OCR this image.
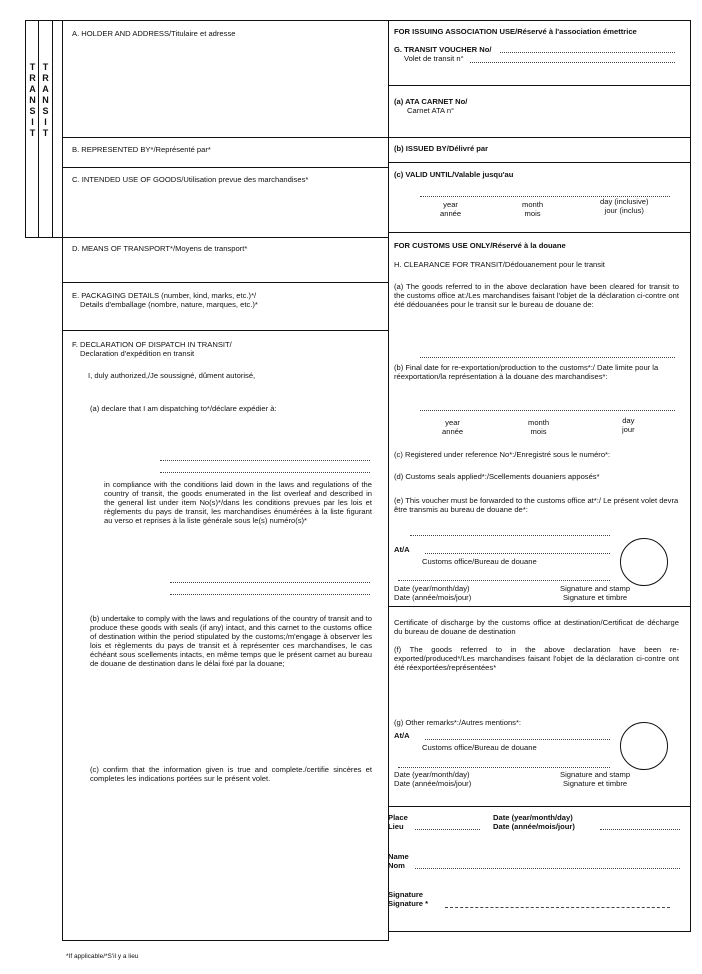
TRANSIT TRANSIT
A. HOLDER AND ADDRESS/Titulaire et adresse
B. REPRESENTED BY*/Représenté par*
C. INTENDED USE OF GOODS/Utilisation prevue des marchandises*
D. MEANS OF TRANSPORT*/Moyens de transport*
E. PACKAGING DETAILS (number, kind, marks, etc.)*/
Details d'emballage (nombre, nature, marques, etc.)*
F. DECLARATION OF DISPATCH IN TRANSIT/
Declaration d'expédition en transit
I, duly authorized,/Je soussigné, dûment autorisé,
(a) declare that I am dispatching to*/déclare expédier à:
in compliance with the conditions laid down in the laws and regulations of the country of transit, the goods enumerated in the list overleaf and described in the general list under item No(s)*/dans les conditions prevues par les lois et règlements du pays de transit, les marchandises énumérées à la liste figurant au verso et reprises à la liste générale sous le(s) numéro(s)*
(b) undertake to comply with the laws and regulations of the country of transit and to produce these goods with seals (if any) intact, and this carnet to the customs office of destination within the period stipulated by the customs;/m'engage à observer les lois et règlements du pays de transit et à représenter ces marchandises, le cas échéant sous scellements intacts, en même temps que le présent carnet au bureau de douane de destination dans le délai fixé par la douane;
(c) confirm that the information given is true and complete./certifie sincères et completes les indications portées sur le présent volet.
FOR ISSUING ASSOCIATION USE/Réservé à l'association émettrice
G. TRANSIT VOUCHER No/
Volet de transit n°
(a) ATA CARNET No/
Carnet ATA n°
(b) ISSUED BY/Délivré par
(c) VALID UNTIL/Valable jusqu'au
year
année
month
mois
day (inclusive)
jour (inclus)
FOR CUSTOMS USE ONLY/Réservé à la douane
H. CLEARANCE FOR TRANSIT/Dédouanement pour le transit
(a) The goods referred to in the above declaration have been cleared for transit to the customs office at:/Les marchandises faisant l'objet de la déclaration ci-contre ont été dédouanées pour le transit sur le bureau de douane de:
(b) Final date for re-exportation/production to the customs*:/ Date limite pour la réexportation/la représentation à la douane des marchandises*:
year
année
month
mois
day
jour
(c) Registered under reference No*:/Enregistré sous le numéro*:
(d) Customs seals applied*:/Scellements douaniers apposés*
(e) This voucher must be forwarded to the customs office at*:/ Le présent volet devra être transmis au bureau de douane de*:
At/A
Customs office/Bureau de douane
Date (year/month/day)
Date (année/mois/jour)
Signature and stamp
Signature et timbre
Certificate of discharge by the customs office at destination/Certificat de décharge du bureau de douane de destination
(f) The goods referred to in the above declaration have been re-exported/produced*/Les marchandises faisant l'objet de la déclaration ci-contre ont été réexportées/représentées*
(g) Other remarks*:/Autres mentions*:
At/A
Customs office/Bureau de douane
Date (year/month/day)
Date (année/mois/jour)
Signature and stamp
Signature et timbre
Place
Lieu
Date (year/month/day)
Date (année/mois/jour)
Name
Nom
Signature
Signature *
*If applicable/*S'il y a lieu
